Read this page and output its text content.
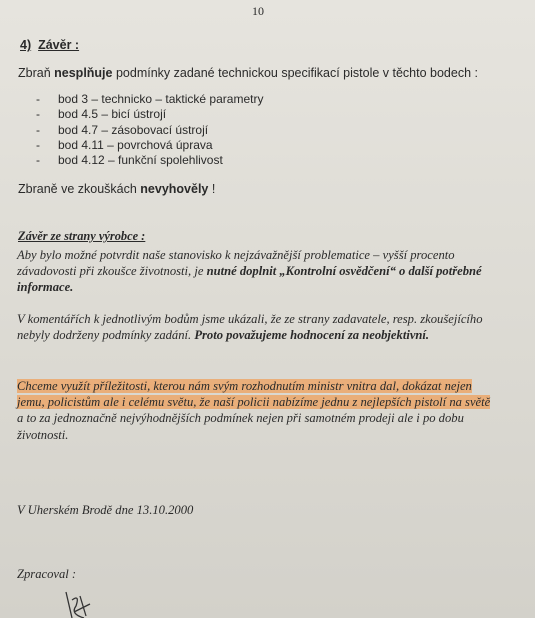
10
4) Závěr :
Zbraň nesplňuje podmínky zadané technickou specifikací pistole v těchto bodech :
- bod 3 – technicko – taktické parametry
- bod 4.5 – bicí ústrojí
- bod 4.7 – zásobovací ústrojí
- bod 4.11 – povrchová úprava
- bod 4.12 – funkční spolehlivost
Zbraně ve zkouškách nevyhověly !
Závěr ze strany výrobce :
Aby bylo možné potvrdit naše stanovisko k nejzávažnější problematice – vyšší procento
závadovosti při zkoušce životnosti, je nutné doplnit „Kontrolní osvědčení“ o další potřebné
informace.
V komentářích k jednotlivým bodům jsme ukázali, že ze strany zadavatele, resp. zkoušejícího
nebyly dodrženy podmínky zadání. Proto považujeme hodnocení za neobjektivní.
Chceme využít příležitosti, kterou nám svým rozhodnutím ministr vnitra dal, dokázat nejen
jemu, policistům ale i celému světu, že naší policii nabízíme jednu z nejlepších pistolí na světě
a to za jednoznačně nejvýhodnějších podmínek nejen při samotném prodeji ale i po dobu
životnosti.
V Uherském Brodě dne 13.10.2000
Zpracoval :
